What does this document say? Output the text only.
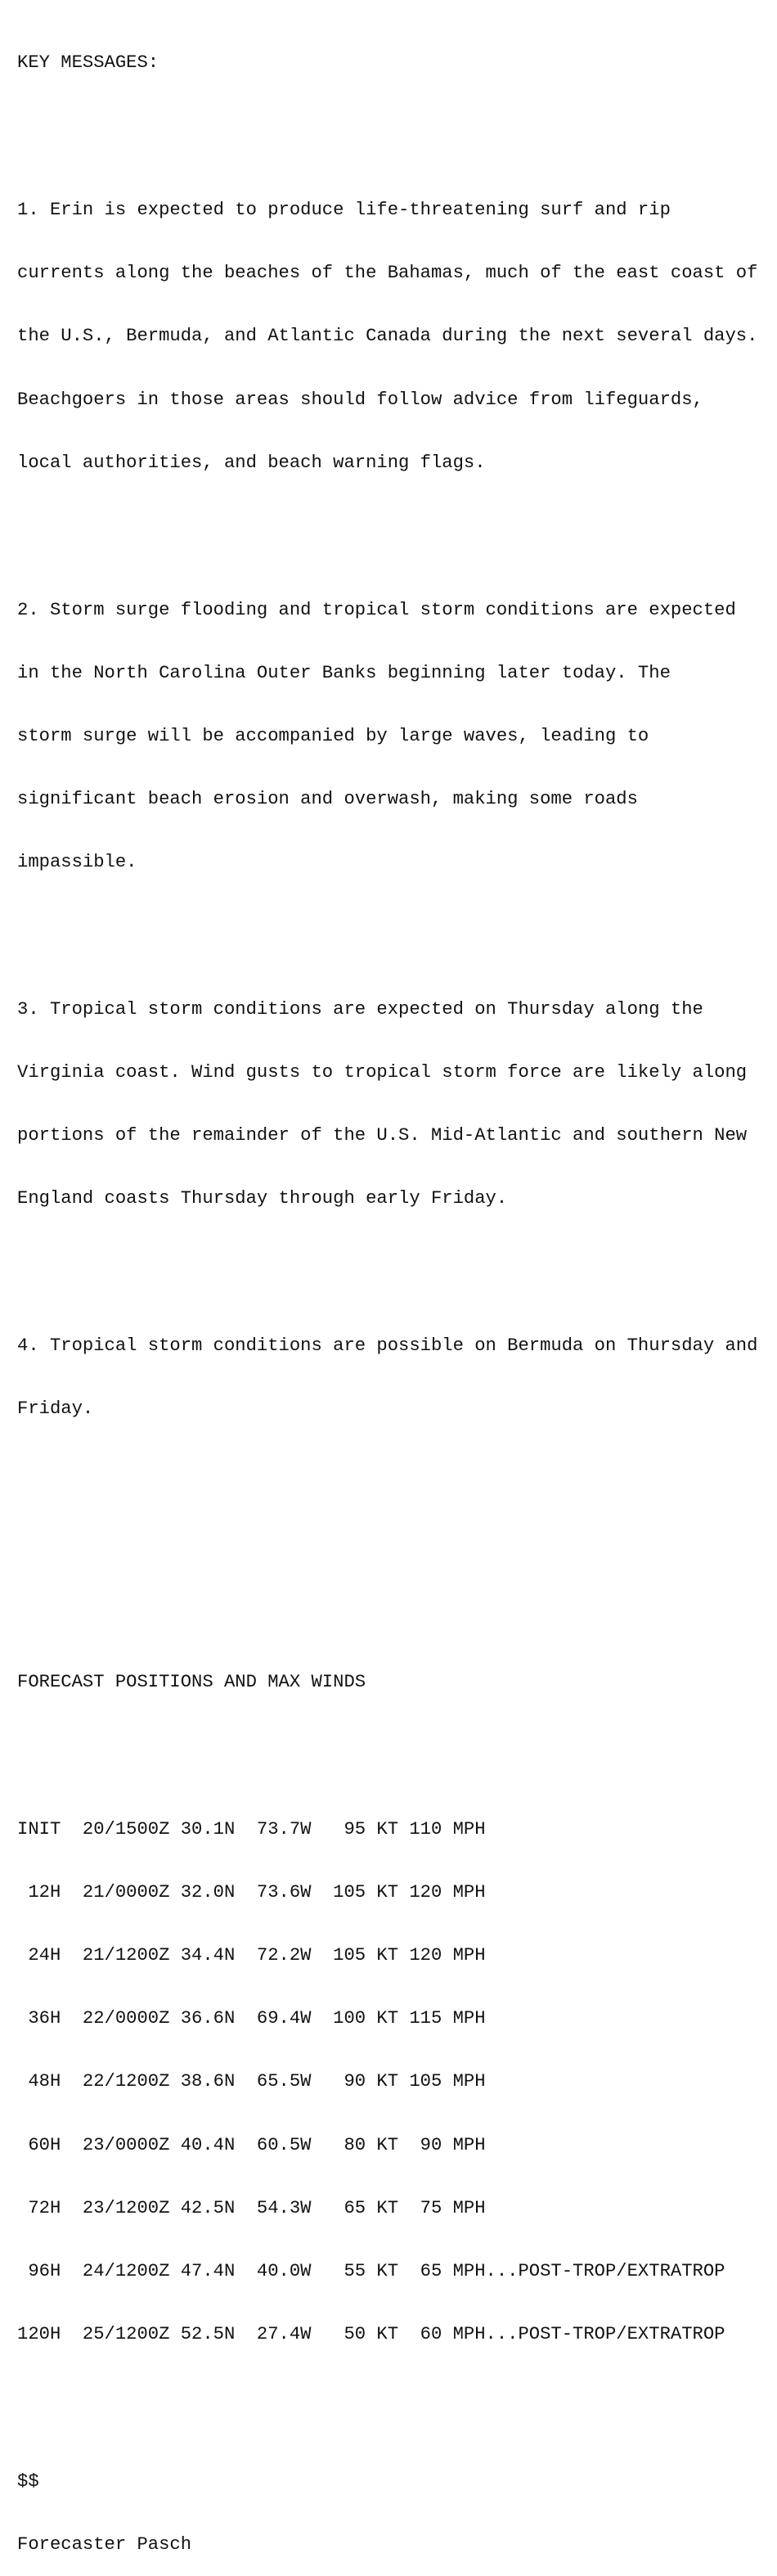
KEY MESSAGES:

1. Erin is expected to produce life-threatening surf and rip

currents along the beaches of the Bahamas, much of the east coast of

the U.S., Bermuda, and Atlantic Canada during the next several days.

Beachgoers in those areas should follow advice from lifeguards,

local authorities, and beach warning flags.

2. Storm surge flooding and tropical storm conditions are expected

in the North Carolina Outer Banks beginning later today. The

storm surge will be accompanied by large waves, leading to

significant beach erosion and overwash, making some roads

impassible.

3. Tropical storm conditions are expected on Thursday along the

Virginia coast. Wind gusts to tropical storm force are likely along

portions of the remainder of the U.S. Mid-Atlantic and southern New

England coasts Thursday through early Friday.

4. Tropical storm conditions are possible on Bermuda on Thursday and

Friday.

FORECAST POSITIONS AND MAX WINDS

INIT  20/1500Z 30.1N  73.7W   95 KT 110 MPH

12H  21/0000Z 32.0N  73.6W  105 KT 120 MPH

24H  21/1200Z 34.4N  72.2W  105 KT 120 MPH

36H  22/0000Z 36.6N  69.4W  100 KT 115 MPH

48H  22/1200Z 38.6N  65.5W   90 KT 105 MPH

60H  23/0000Z 40.4N  60.5W   80 KT  90 MPH

72H  23/1200Z 42.5N  54.3W   65 KT  75 MPH

96H  24/1200Z 47.4N  40.0W   55 KT  65 MPH...POST-TROP/EXTRATROP

120H  25/1200Z 52.5N  27.4W   50 KT  60 MPH...POST-TROP/EXTRATROP

$$

Forecaster Pasch
